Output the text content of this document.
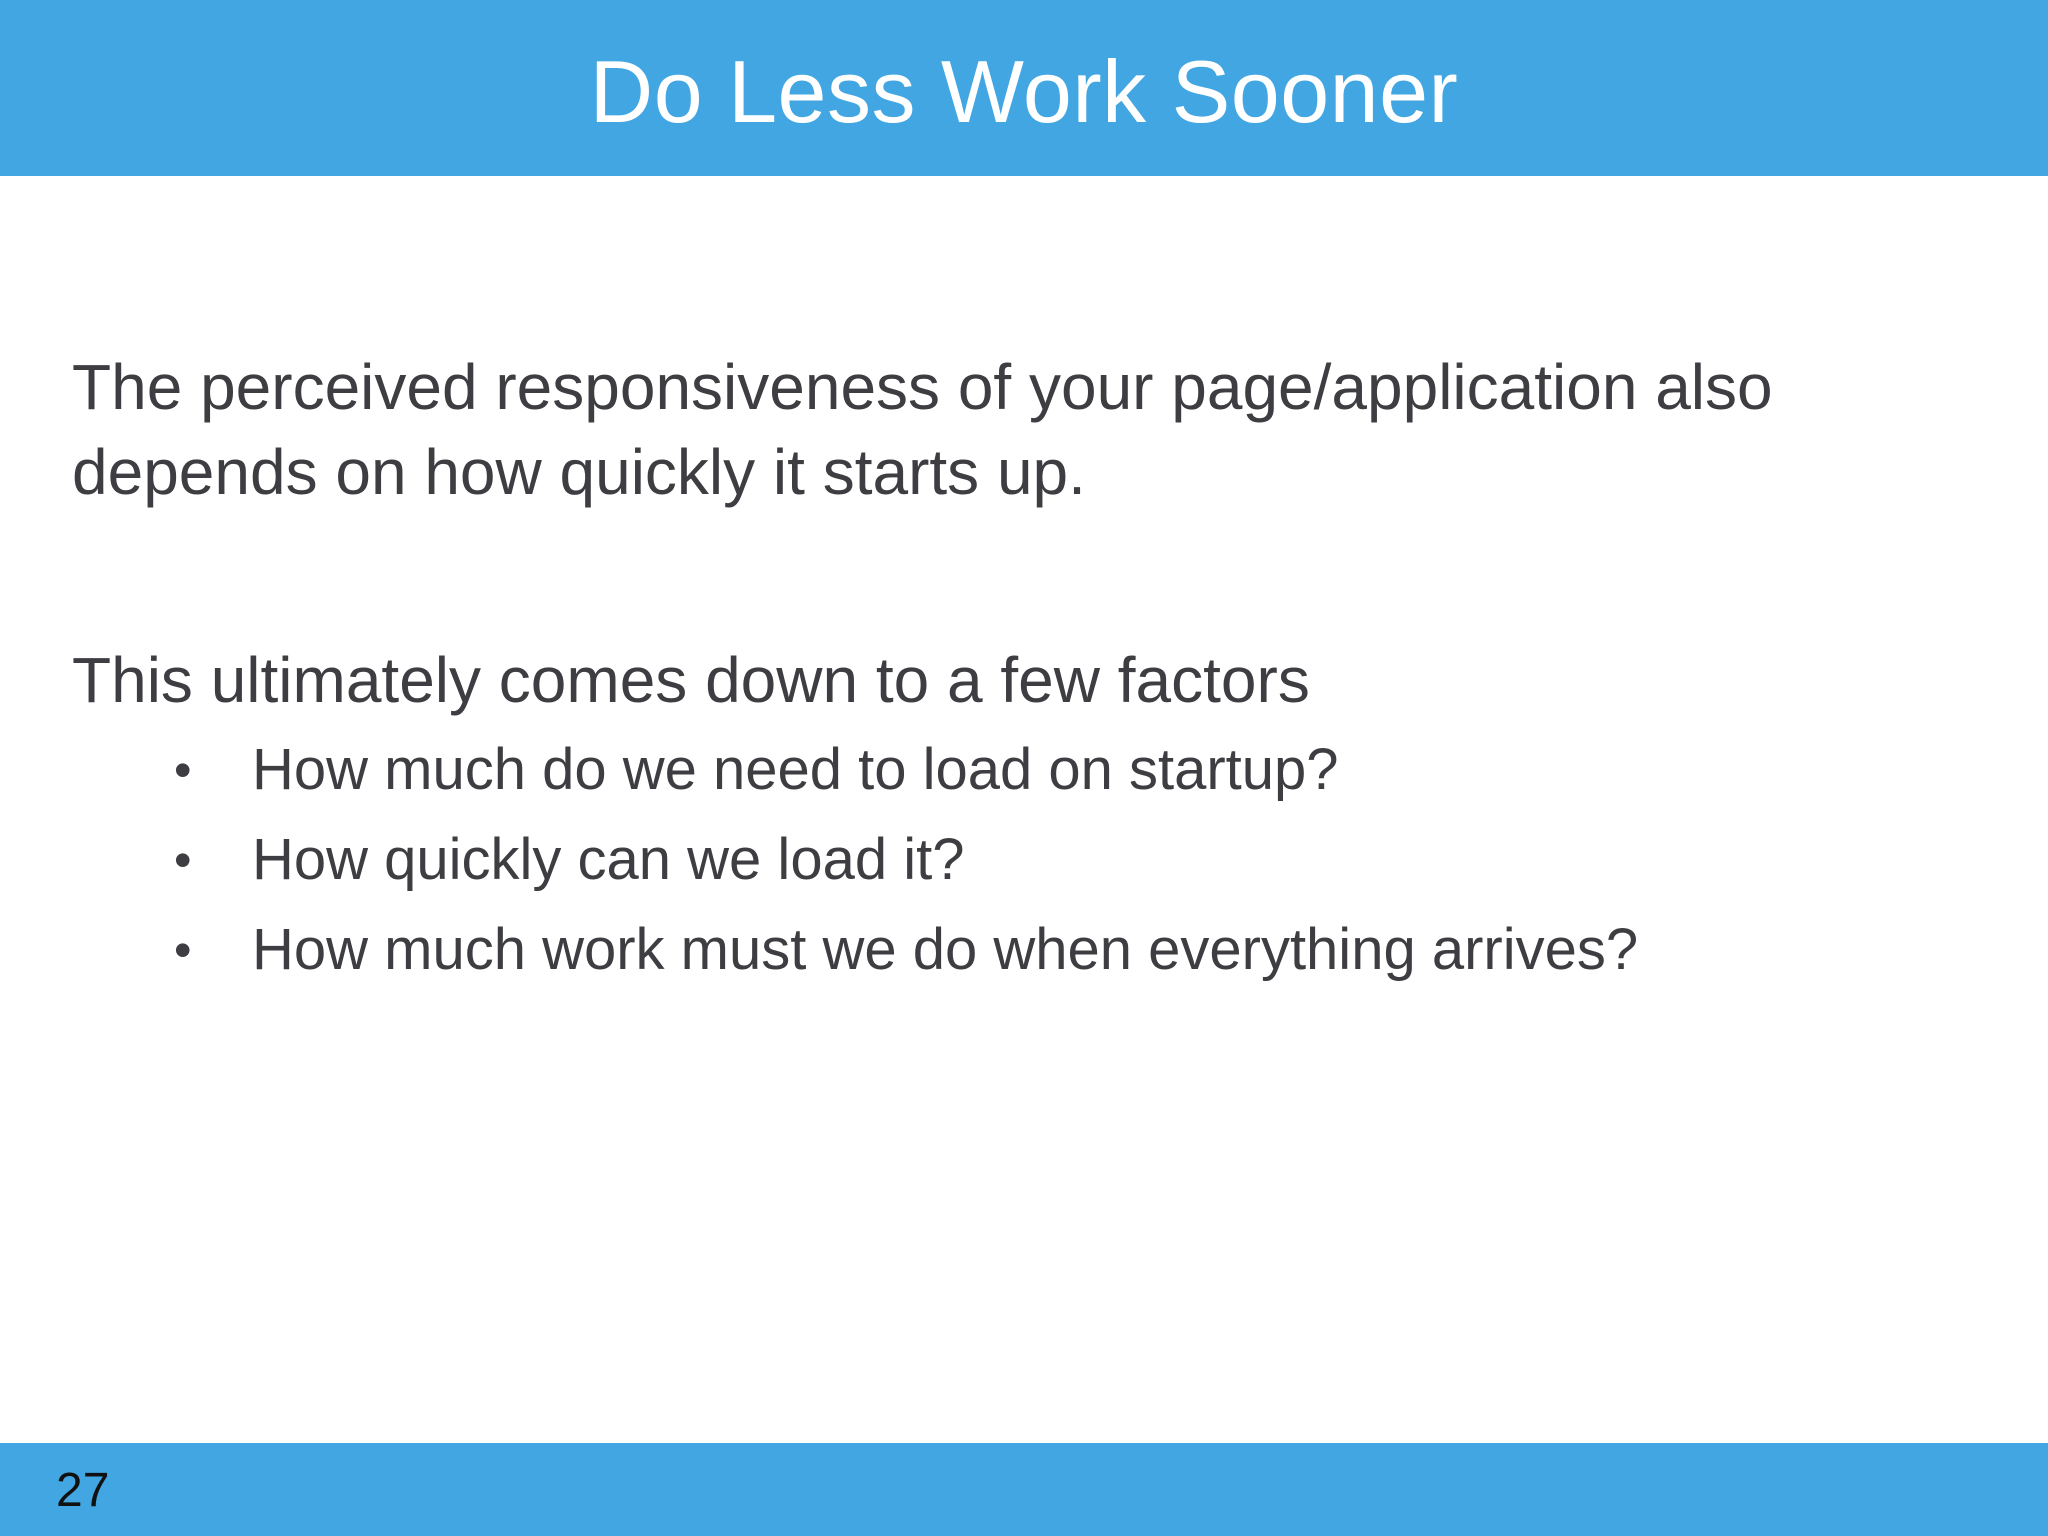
Do Less Work Sooner

The perceived responsiveness of your page/application also depends on how quickly it starts up.

This ultimately comes down to a few factors

• How much do we need to load on startup?
• How quickly can we load it?
• How much work must we do when everything arrives?
27
